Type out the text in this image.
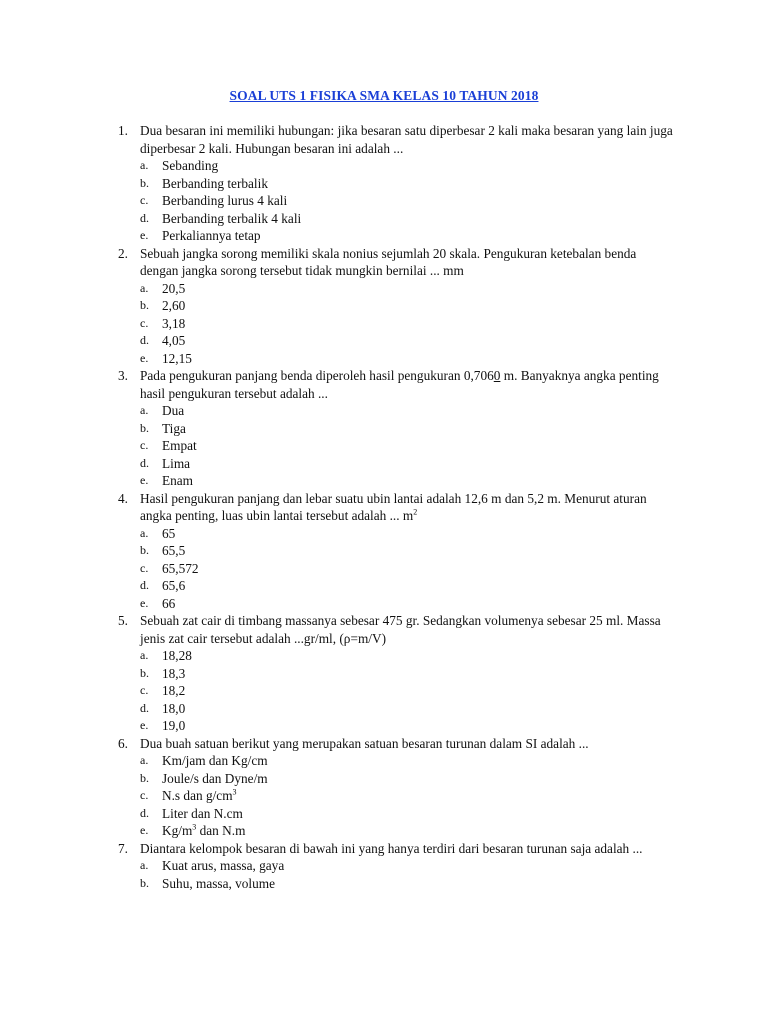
SOAL UTS 1 FISIKA SMA KELAS 10 TAHUN 2018
1. Dua besaran ini memiliki hubungan: jika besaran satu diperbesar 2 kali maka besaran yang lain juga diperbesar 2 kali. Hubungan besaran ini adalah ...
a.	Sebanding
b. Berbanding terbalik
c.	Berbanding lurus 4 kali
d. Berbanding terbalik 4 kali
e.	Perkaliannya tetap
2. Sebuah jangka sorong memiliki skala nonius sejumlah 20 skala. Pengukuran ketebalan benda dengan jangka sorong tersebut tidak mungkin bernilai ... mm
a.	20,5
b. 2,60
c.	3,18
d. 4,05
e.	12,15
3. Pada pengukuran panjang benda diperoleh hasil pengukuran 0,7060 m. Banyaknya angka penting hasil pengukuran tersebut adalah ...
a.	Dua
b. Tiga
c.	Empat
d. Lima
e.	Enam
4. Hasil pengukuran panjang dan lebar suatu ubin lantai adalah 12,6 m dan 5,2 m. Menurut aturan angka penting, luas ubin lantai tersebut adalah ... $m^2$
a.	65
b. 65,5
c.	65,572
d. 65,6
e.	66
5. Sebuah zat cair di timbang massanya sebesar 475 gr. Sedangkan volumenya sebesar 25 ml. Massa jenis zat cair tersebut adalah ...gr/ml, (ρ=m/V)
a.	18,28
b. 18,3
c.	18,2
d. 18,0
e.	19,0
6. Dua buah satuan berikut yang merupakan satuan besaran turunan dalam SI adalah ...
a.	Km/jam dan Kg/cm
b. Joule/s dan Dyne/m
c.	N.s dan $g/cm^3$
d. Liter dan N.cm
e.	$Kg/m^3$ dan N.m
7. Diantara kelompok besaran di bawah ini yang hanya terdiri dari besaran turunan saja adalah ...
a.	Kuat arus, massa, gaya
b. Suhu, massa, volume
